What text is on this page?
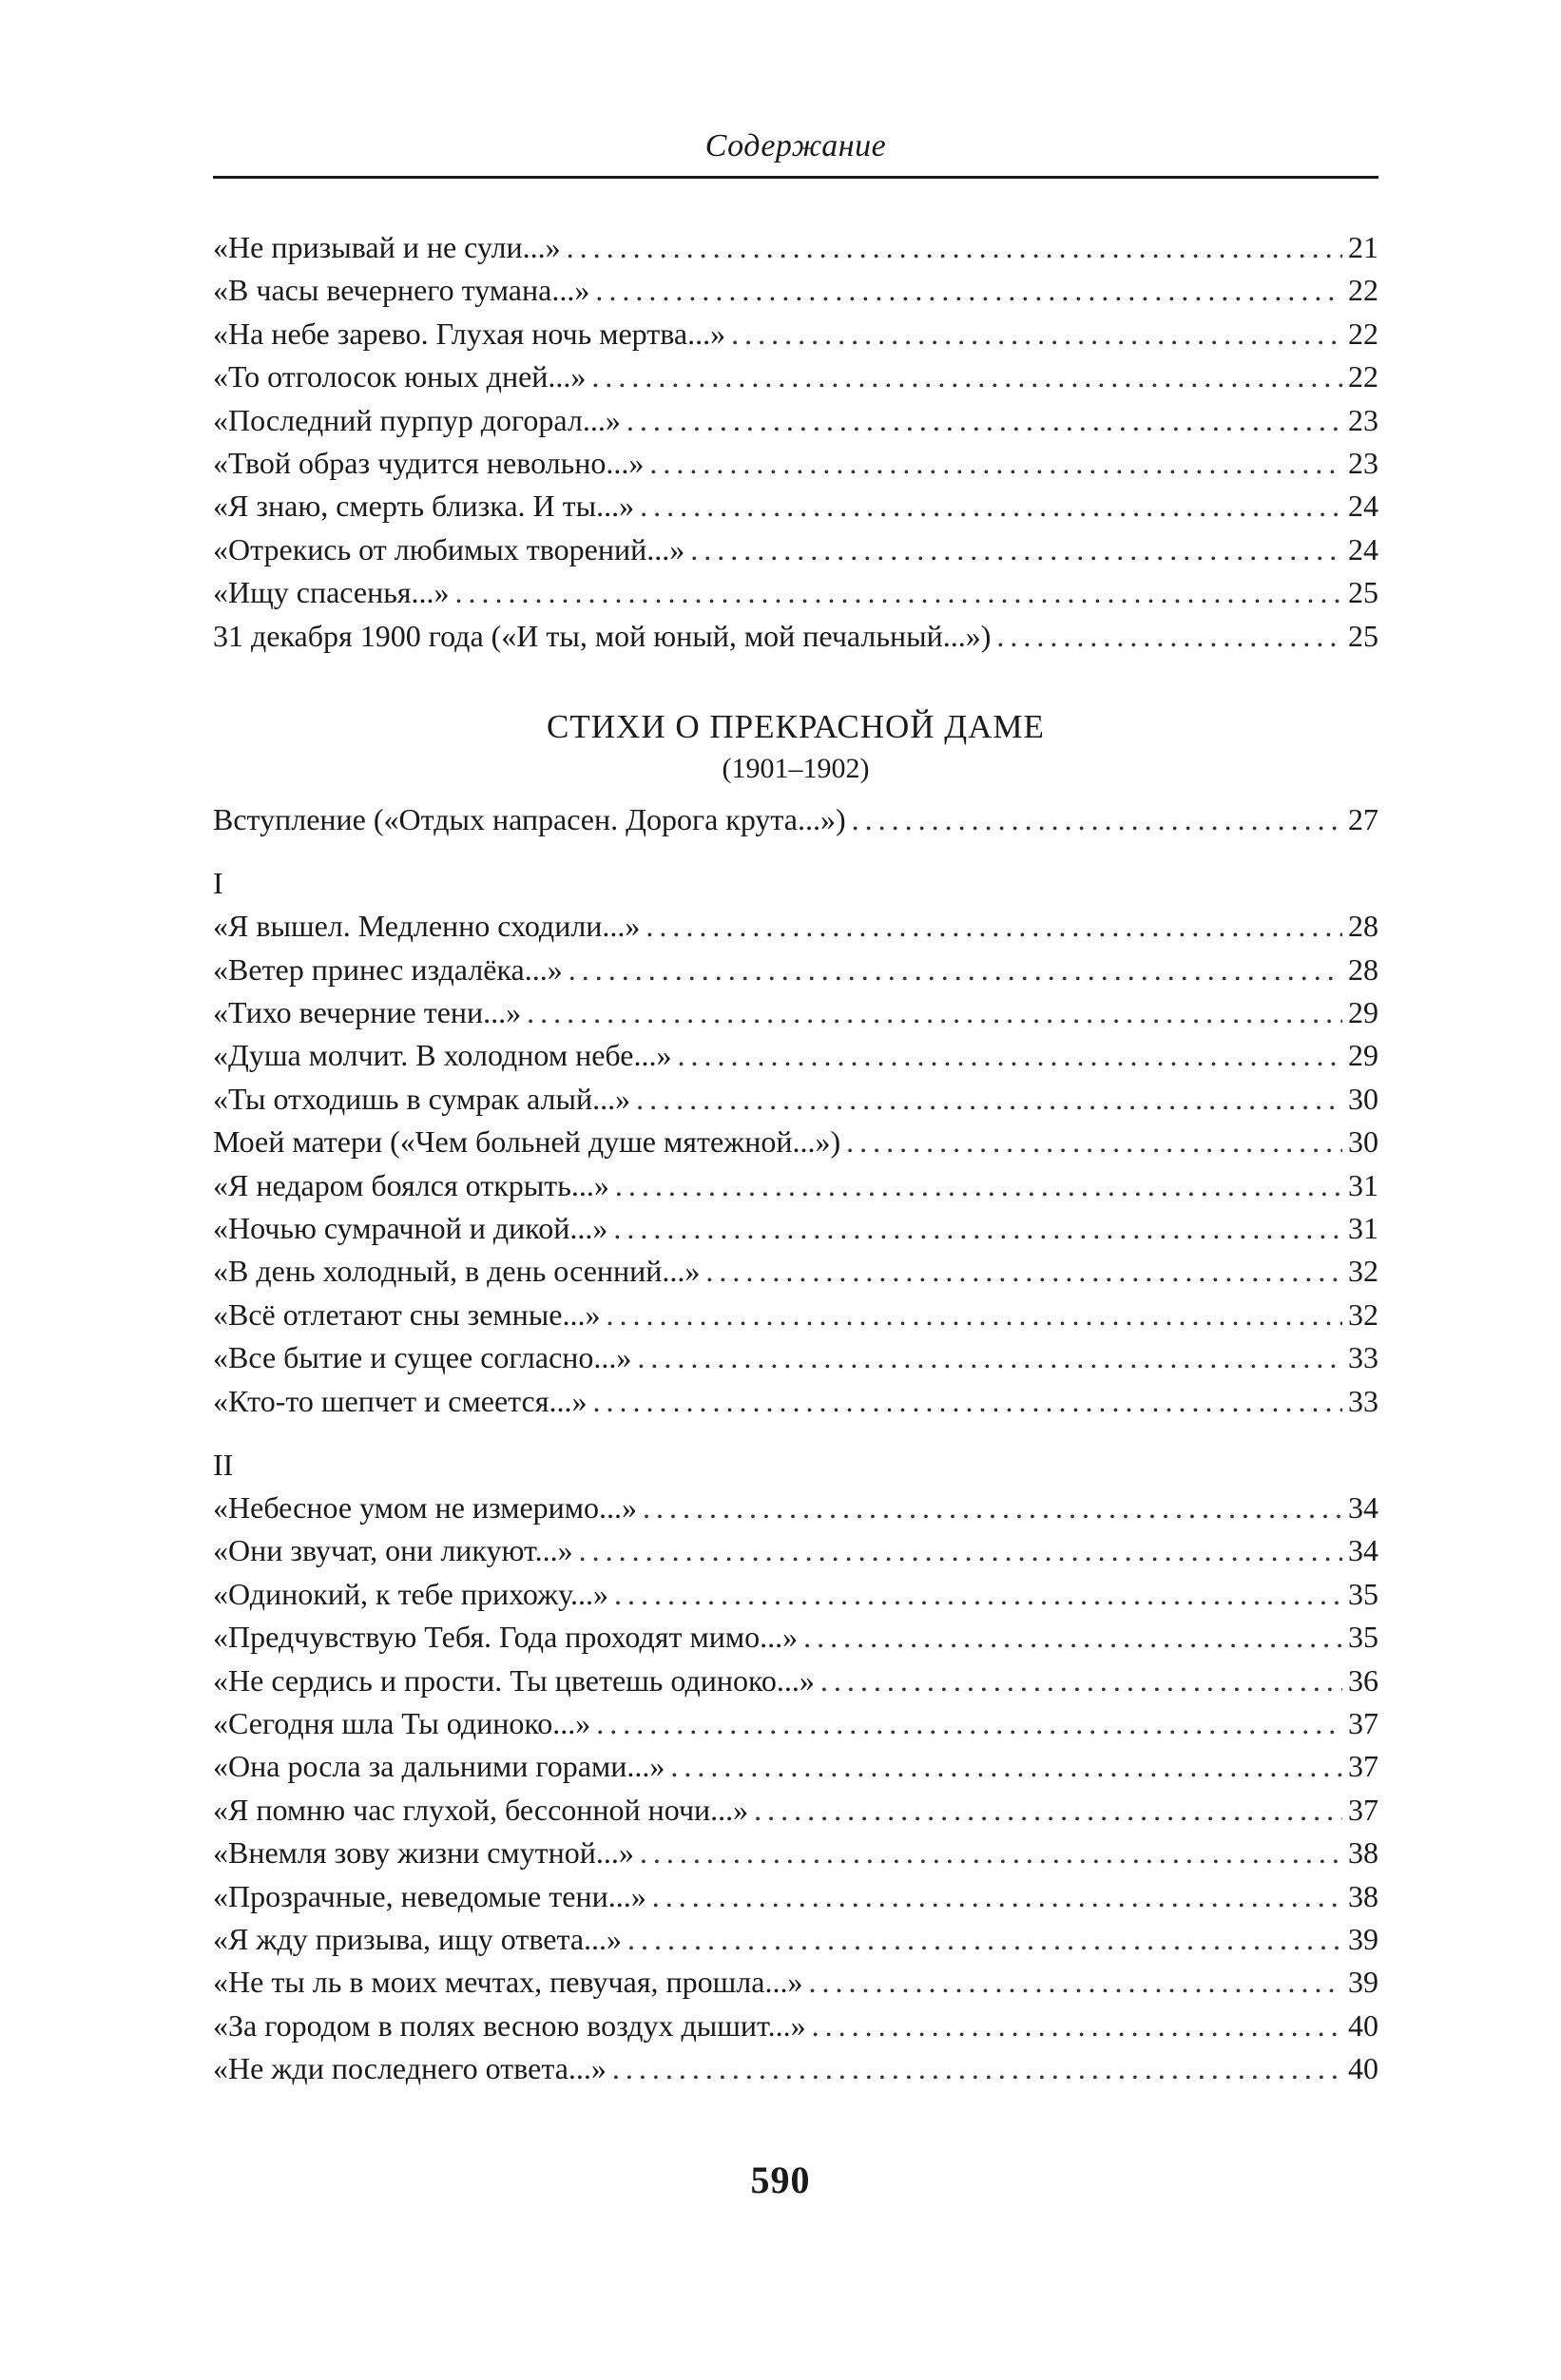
Содержание
«Не призывай и не сули...» . . .	21
«В часы вечернего тумана...» . . .	22
«На небе зарево. Глухая ночь мертва...» . . .	22
«То отголосок юных дней...» . . .	22
«Последний пурпур догорал...» . . .	23
«Твой образ чудится невольно...» . . .	23
«Я знаю, смерть близка. И ты...» . . .	24
«Отрекись от любимых творений...» . . .	24
«Ищу спасенья...» . . .	25
31 декабря 1900 года («И ты, мой юный, мой печальный...») . . .	25
СТИХИ О ПРЕКРАСНОЙ ДАМЕ
(1901–1902)
Вступление («Отдых напрасен. Дорога крута...») . . .	27
I
«Я вышел. Медленно сходили...» . . .	28
«Ветер принес издалёка...» . . .	28
«Тихо вечерние тени...» . . .	29
«Душа молчит. В холодном небе...» . . .	29
«Ты отходишь в сумрак алый...» . . .	30
Моей матери («Чем больней душе мятежной...») . . .	30
«Я недаром боялся открыть...» . . .	31
«Ночью сумрачной и дикой...» . . .	31
«В день холодный, в день осенний...» . . .	32
«Всё отлетают сны земные...» . . .	32
«Все бытие и сущее согласно...» . . .	33
«Кто-то шепчет и смеется...» . . .	33
II
«Небесное умом не измеримо...» . . .	34
«Они звучат, они ликуют...» . . .	34
«Одинокий, к тебе прихожу...» . . .	35
«Предчувствую Тебя. Года проходят мимо...» . . .	35
«Не сердись и прости. Ты цветешь одиноко...» . . .	36
«Сегодня шла Ты одиноко...» . . .	37
«Она росла за дальними горами...» . . .	37
«Я помню час глухой, бессонной ночи...» . . .	37
«Внемля зову жизни смутной...» . . .	38
«Прозрачные, неведомые тени...» . . .	38
«Я жду призыва, ищу ответа...» . . .	39
«Не ты ль в моих мечтах, певучая, прошла...» . . .	39
«За городом в полях весною воздух дышит...» . . .	40
«Не жди последнего ответа...» . . .	40
590
